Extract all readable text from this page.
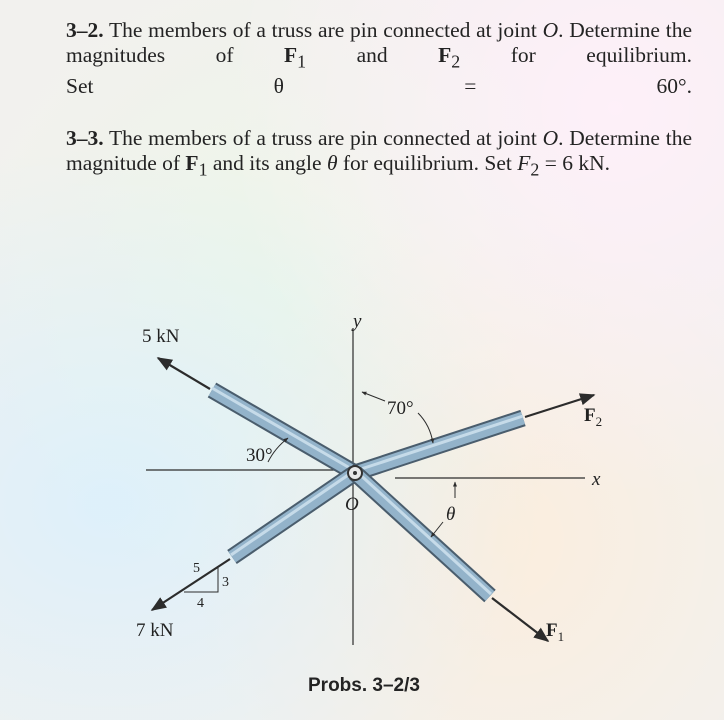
3–2. The members of a truss are pin connected at joint O. Determine the magnitudes of $F_1$ and $F_2$ for equilibrium.
Set θ = 60°.
3–3. The members of a truss are pin connected at joint O. Determine the magnitude of $F_1$ and its angle θ for equilibrium. Set $F_2 = 6$ kN.
5 kN
7 kN
y
x
70°
30°
O	θ
$F_2$
$F_1$
5
3
4
Probs. 3–2/3
